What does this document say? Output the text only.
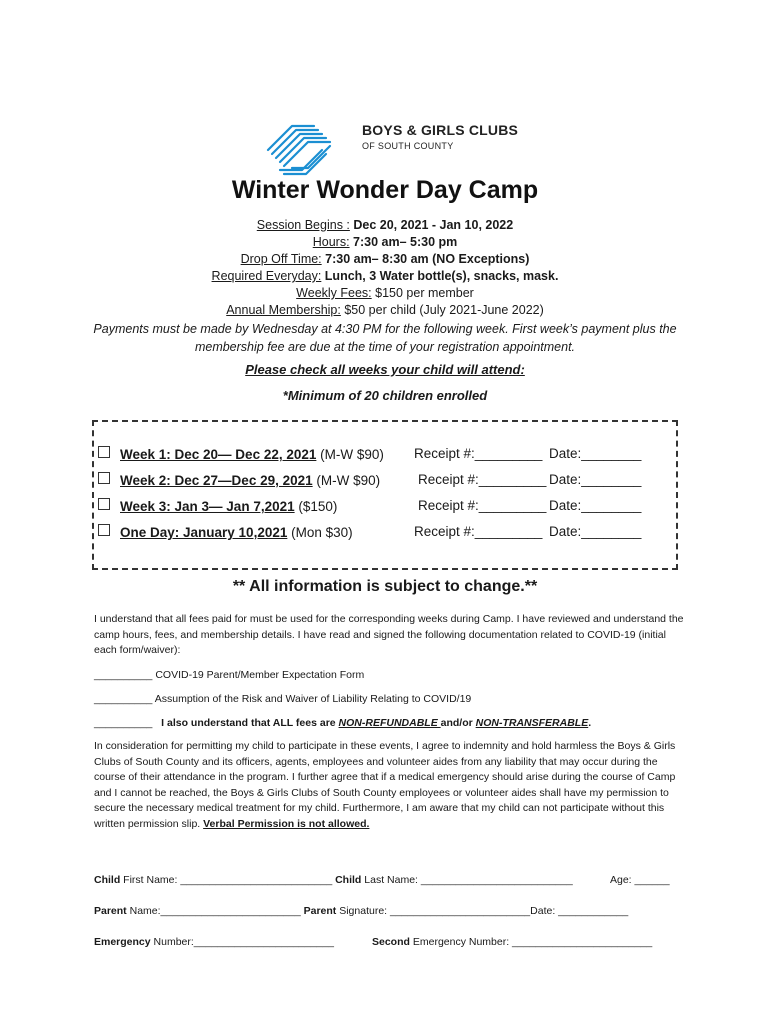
BOYS & GIRLS CLUBS
OF SOUTH COUNTY
Winter Wonder Day Camp
Session Begins : Dec 20, 2021 - Jan 10, 2022
Hours: 7:30 am– 5:30 pm
Drop Off Time: 7:30 am– 8:30 am (NO Exceptions)
Required Everyday: Lunch, 3 Water bottle(s), snacks, mask.
Weekly Fees: $150 per member
Annual Membership: $50 per child (July 2021-June 2022)
Payments must be made by Wednesday at 4:30 PM for the following week. First week’s payment plus the membership fee are due at the time of your registration appointment.
Please check all weeks your child will attend:
*Minimum of 20 children enrolled
Week 1: Dec 20— Dec 22, 2021 (M-W $90) Receipt #:_________ Date:________
Week 2: Dec 27—Dec 29, 2021 (M-W $90)	Receipt #:_________ Date:________
Week 3: Jan 3— Jan 7,2021 ($150)	Receipt #:_________ Date:________
One Day: January 10,2021 (Mon $30)	Receipt #:_________ Date:________
** All information is subject to change.**
I understand that all fees paid for must be used for the corresponding weeks during Camp. I have reviewed and understand the camp hours, fees, and membership details. I have read and signed the following documentation related to COVID-19 (initial each form/waiver):
__________ COVID-19 Parent/Member Expectation Form
__________ Assumption of the Risk and Waiver of Liability Relating to COVID/19
__________   I also understand that ALL fees are NON-REFUNDABLE and/or NON-TRANSFERABLE.
In consideration for permitting my child to participate in these events, I agree to indemnity and hold harmless the Boys & Girls Clubs of South County and its officers, agents, employees and volunteer aides from any liability that may occur during the course of their attendance in the program. I further agree that if a medical emergency should arise during the course of Camp and I cannot be reached, the Boys & Girls Clubs of South County employees or volunteer aides shall have my permission to secure the necessary medical treatment for my child. Furthermore, I am aware that my child can not participate without this written permission slip. Verbal Permission is not allowed.
Child First Name: __________________________ Child Last Name: __________________________	Age: ______
Parent Name:________________________ Parent Signature: ________________________Date: ____________
Emergency Number:________________________	Second Emergency Number: ________________________
